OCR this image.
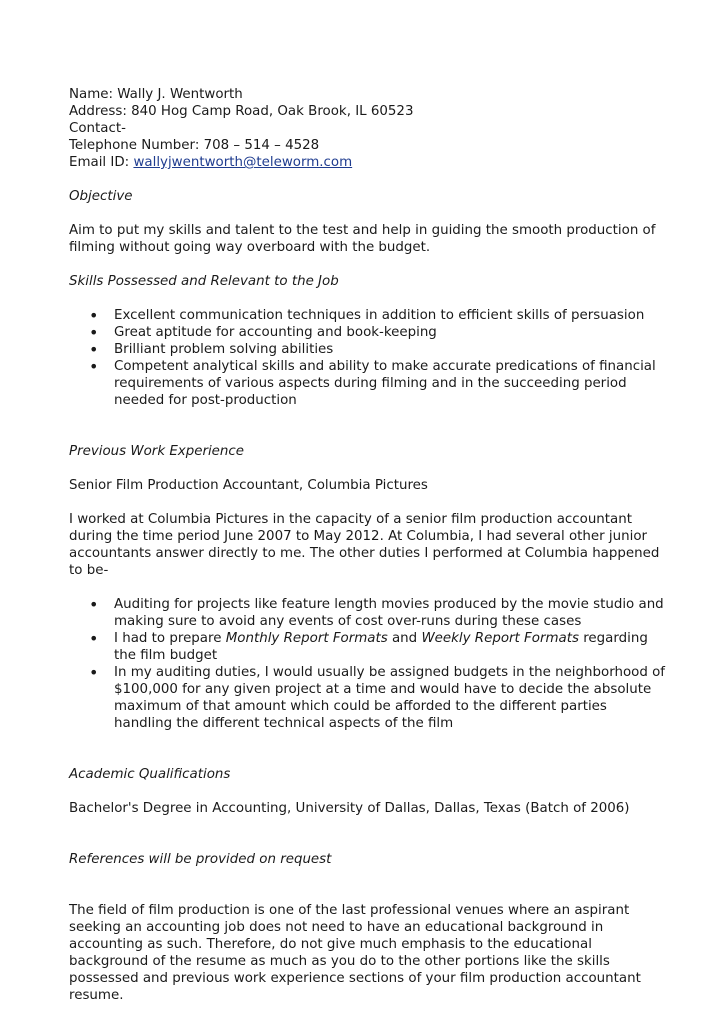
Name: Wally J. Wentworth

Address: 840 Hog Camp Road, Oak Brook, IL 60523

Contact-

Telephone Number: 708 – 514 – 4528

Email ID: wallyjwentworth@teleworm.com

Objective

Aim to put my skills and talent to the test and help in guiding the smooth production of filming without going way overboard with the budget.

Skills Possessed and Relevant to the Job

• Excellent communication techniques in addition to efficient skills of persuasion
• Great aptitude for accounting and book-keeping
• Brilliant problem solving abilities
• Competent analytical skills and ability to make accurate predications of financial requirements of various aspects during filming and in the succeeding period needed for post-production

Previous Work Experience

Senior Film Production Accountant, Columbia Pictures

I worked at Columbia Pictures in the capacity of a senior film production accountant during the time period June 2007 to May 2012. At Columbia, I had several other junior accountants answer directly to me. The other duties I performed at Columbia happened to be-

• Auditing for projects like feature length movies produced by the movie studio and making sure to avoid any events of cost over-runs during these cases
• I had to prepare Monthly Report Formats and Weekly Report Formats regarding the film budget
• In my auditing duties, I would usually be assigned budgets in the neighborhood of $100,000 for any given project at a time and would have to decide the absolute maximum of that amount which could be afforded to the different parties handling the different technical aspects of the film

Academic Qualifications

Bachelor's Degree in Accounting, University of Dallas, Dallas, Texas (Batch of 2006)

References will be provided on request

The field of film production is one of the last professional venues where an aspirant seeking an accounting job does not need to have an educational background in accounting as such. Therefore, do not give much emphasis to the educational background of the resume as much as you do to the other portions like the skills possessed and previous work experience sections of your film production accountant resume.
